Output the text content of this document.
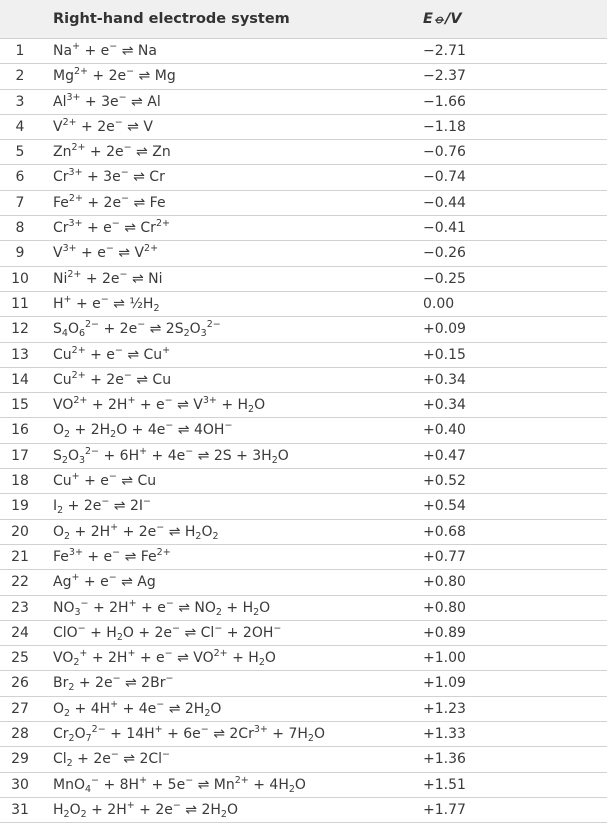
Right-hand electrode system	E⦵/V
1	Na+ + e− ⇌ Na	−2.71
2	$Mg^{2+} + 2e^-$ ⇌ Mg	−2.37
3	$Al^{3+} + 3e^-$ ⇌ Al	−1.66
4	$V^{2+} + 2e^-$ ⇌ V	−1.18
5	$Zn^{2+} + 2e^-$ ⇌ Zn	−0.76
6	$Cr^{3+} + 3e^-$ ⇌ Cr	−0.74
7	$Fe^{2+} + 2e^-$ ⇌ Fe	−0.44
8	$Cr^{3+} + e^-$ ⇌ $Cr^{2+}$	−0.41
9	$V^{3+} + e^-$ ⇌ $V^{2+}$	−0.26
10 $Ni^{2+} + 2e^-$ ⇌ Ni	−0.25
11 H+ + e− ⇌ $\frac{1}{2}H_2$	0.00
12 $S_4O_6^{2-} + 2e^-$ ⇌ $2S_2O_3^{2-}$	+0.09
13 $Cu^{2+} + e^-$ ⇌ Cu+	+0.15
14 $Cu^{2+} + 2e^-$ ⇌ Cu	+0.34
15 $VO^{2+} + 2H^+ + e^-$ ⇌ $V^{3+} + H_2O$	+0.34
16 $O_2 + 2H_2O + 4e^-$ ⇌ 4OH−	+0.40
17 $S_2O_3^{2-} + 6H^+ + 4e^-$ ⇌ $2S + 3H_2O$	+0.47
18 Cu+ + e− ⇌ Cu	+0.52
19 $I_2 + 2e^-$ ⇌ 2I−	+0.54
20 $O_2 + 2H^+ + 2e^-$ ⇌ $H_2O_2$	+0.68
21 $Fe^{3+} + e^-$ ⇌ $Fe^{2+}$	+0.77
22 Ag+ + e− ⇌ Ag	+0.80
23 $NO_3^- + 2H^+ + e^-$ ⇌ $NO_2 + H_2O$	+0.80
24 $ClO^- + H_2O + 2e^-$ ⇌ Cl− + 2OH−	+0.89
25 $VO_2^+ + 2H^+ + e^-$ ⇌ $VO^{2+} + H_2O$	+1.00
26 $Br_2 + 2e^-$ ⇌ 2Br−	+1.09
27 $O_2 + 4H^+ + 4e^-$ ⇌ $2H_2O$	+1.23
28 $Cr_2O_7^{2-} + 14H^+ + 6e^-$ ⇌ $2Cr^{3+} + 7H_2O$	+1.33
29 $Cl_2 + 2e^-$ ⇌ 2Cl−	+1.36
30 MnO$_4$− + 8H+ + 5e− ⇌ $Mn^{2+} + 4H_2O$	+1.51
31 $H_2O_2 + 2H^+ + 2e^-$ ⇌ $2H_2O$	+1.77
